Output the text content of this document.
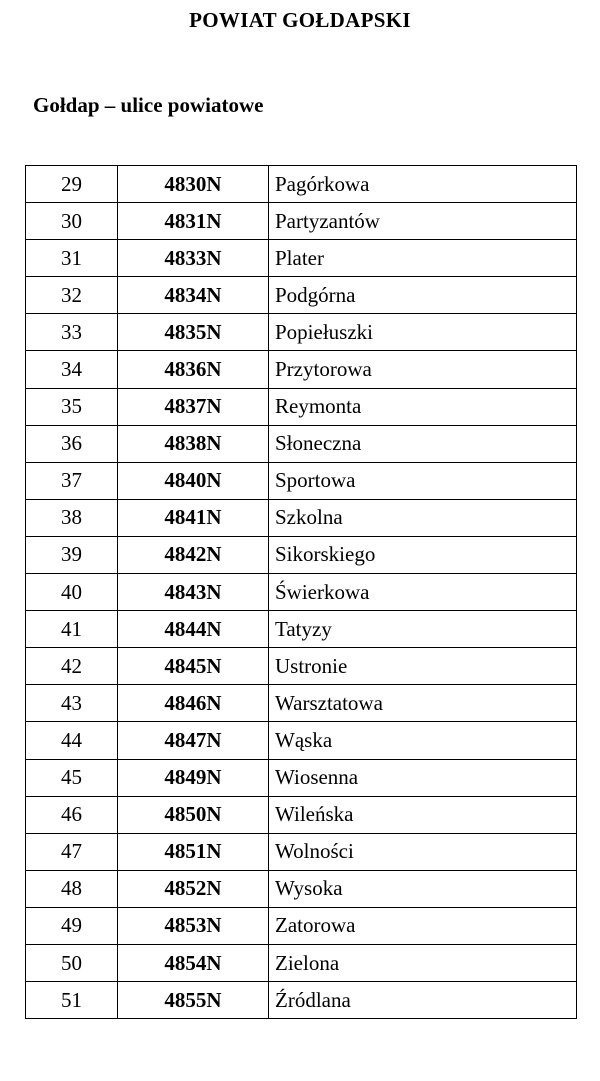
POWIAT GOŁDAPSKI
Gołdap – ulice powiatowe
29	4830N	Pagórkowa
30	4831N	Partyzantów
31	4833N	Plater
32	4834N	Podgórna
33	4835N	Popiełuszki
34	4836N	Przytorowa
35	4837N	Reymonta
36	4838N	Słoneczna
37	4840N	Sportowa
38	4841N	Szkolna
39	4842N	Sikorskiego
40	4843N	Świerkowa
41	4844N	Tatyzy
42	4845N	Ustronie
43	4846N	Warsztatowa
44	4847N	Wąska
45	4849N	Wiosenna
46	4850N	Wileńska
47	4851N	Wolności
48	4852N	Wysoka
49	4853N	Zatorowa
50	4854N	Zielona
51	4855N	Źródlana
